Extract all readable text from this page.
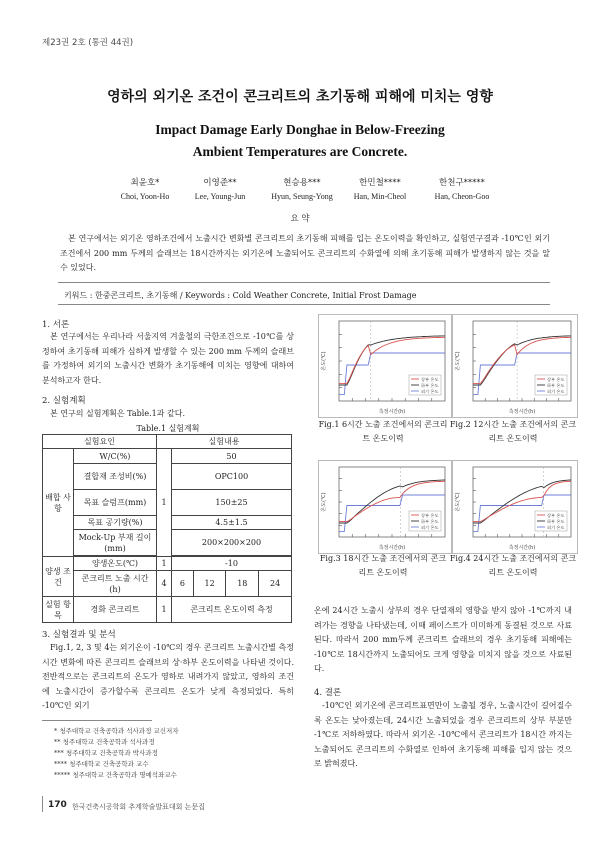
제23권 2호 (통권 44권)
영하의 외기온 조건이 콘크리트의 초기동해 피해에 미치는 영향
Impact Damage Early Donghae in Below-Freezing
Ambient Temperatures are Concrete.
최윤호*
Choi, Yoon-Ho
이영준**
Lee, Young-Jun
현승용***
Hyun, Seung-Yong
한민철****
Han, Min-Cheol
한천구*****
Han, Cheon-Goo
요 약
본 연구에서는 외기온 영하조건에서 노출시간 변화별 콘크리트의 초기동해 피해를 입는 온도이력을 확인하고, 실험연구결과 -10℃인 외기조건에서 200 mm 두께의 슬래브는 18시간까지는 외기온에 노출되어도 콘크리트의 수화열에 의해 초기동해 피해가 발생하지 않는 것을 알 수 있었다.
키워드 : 한중콘크리트, 초기동해 / Keywords : Cold Weather Concrete, Initial Frost Damage
1. 서론
본 연구에서는 우리나라 서울지역 겨울철의 극한조건으로 -10℃를 상정하여 초기동해 피해가 심하게 발생할 수 있는 200 mm 두께의 슬래브를 가정하여 외기의 노출시간 변화가 초기동해에 미치는 영향에 대하여 분석하고자 한다.
2. 실험계획
본 연구의 실험계획은 Table.1과 같다.
Table.1 실험계획
실험요인		실험내용				
배합 사항	W/C(%)	1	50			
	결합재 조성비(%)		OPC100			
	목표 슬럼프(mm)		150±25			
	목표 공기량(%)		4.5±1.5			
	Mock-Up 부재 길이(mm)		200×200×200			

양생 조건	양생온도(℃)	1	-10			
	콘크리트 노출 시간(h)	4	6	12	18	24
실험 항목	경화 콘크리트	1	콘크리트 온도이력 측정			
3. 실험결과 및 분석
Fig.1, 2, 3 및 4는 외기온이 -10℃의 경우 콘크리트 노출시간별 측정시간 변화에 따른 콘크리트 슬래브의 상·하부 온도이력을 나타낸 것이다. 전반적으로는 콘크리트의 온도가 영하로 내려가지 않았고, 영하의 조건에 노출시간이 증가할수록 콘크리트 온도가 낮게 측정되었다. 특히 -10℃인 외기
* 청주대학교 건축공학과 석사과정 교신저자
** 청주대학교 건축공학과 석사과정
*** 청주대학교 건축공학과 박사과정
**** 청주대학교 건축공학과 교수
***** 청주대학교 건축공학과 명예석좌교수
170 한국건축시공학회 추계학술발표대회 논문집
상부 온도
하부 온도
외기 온도
온도(℃)
측정시간(h)
상부 온도
하부 온도
외기 온도
온도(℃)
측정시간(h)
Fig.1 6시간 노출 조건에서의 콘크리트 온도이력
Fig.2 12시간 노출 조건에서의 콘크리트 온도이력
상부 온도
하부 온도
외기 온도
온도(℃)
측정시간(h)
상부 온도
하부 온도
외기 온도
온도(℃)
측정시간(h)
Fig.3 18시간 노출 조건에서의 콘크리트 온도이력
Fig.4 24시간 노출 조건에서의 콘크리트 온도이력
온에 24시간 노출시 상부의 경우 단열재의 영향을 받지 않아 -1℃까지 내려가는 경향을 나타냈는데, 이때 페이스트가 미미하게 동결된 것으로 사료된다. 따라서 200 mm두께 콘크리트 슬래브의 경우 초기동해 피해에는 -10℃로 18시간까지 노출되어도 크게 영향을 미치지 않을 것으로 사료된다.
4. 결론
-10℃인 외기온에 콘크리트표면만이 노출될 경우, 노출시간이 길어질수록 온도는 낮아졌는데, 24시간 노출되었을 경우 콘크리트의 상부 부분만 -1℃로 저하하였다. 따라서 외기온 -10℃에서 콘크리트가 18시간 까지는 노출되어도 콘크리트의 수화열로 인하여 초기동해 피해를 입지 않는 것으로 밝혀졌다.
